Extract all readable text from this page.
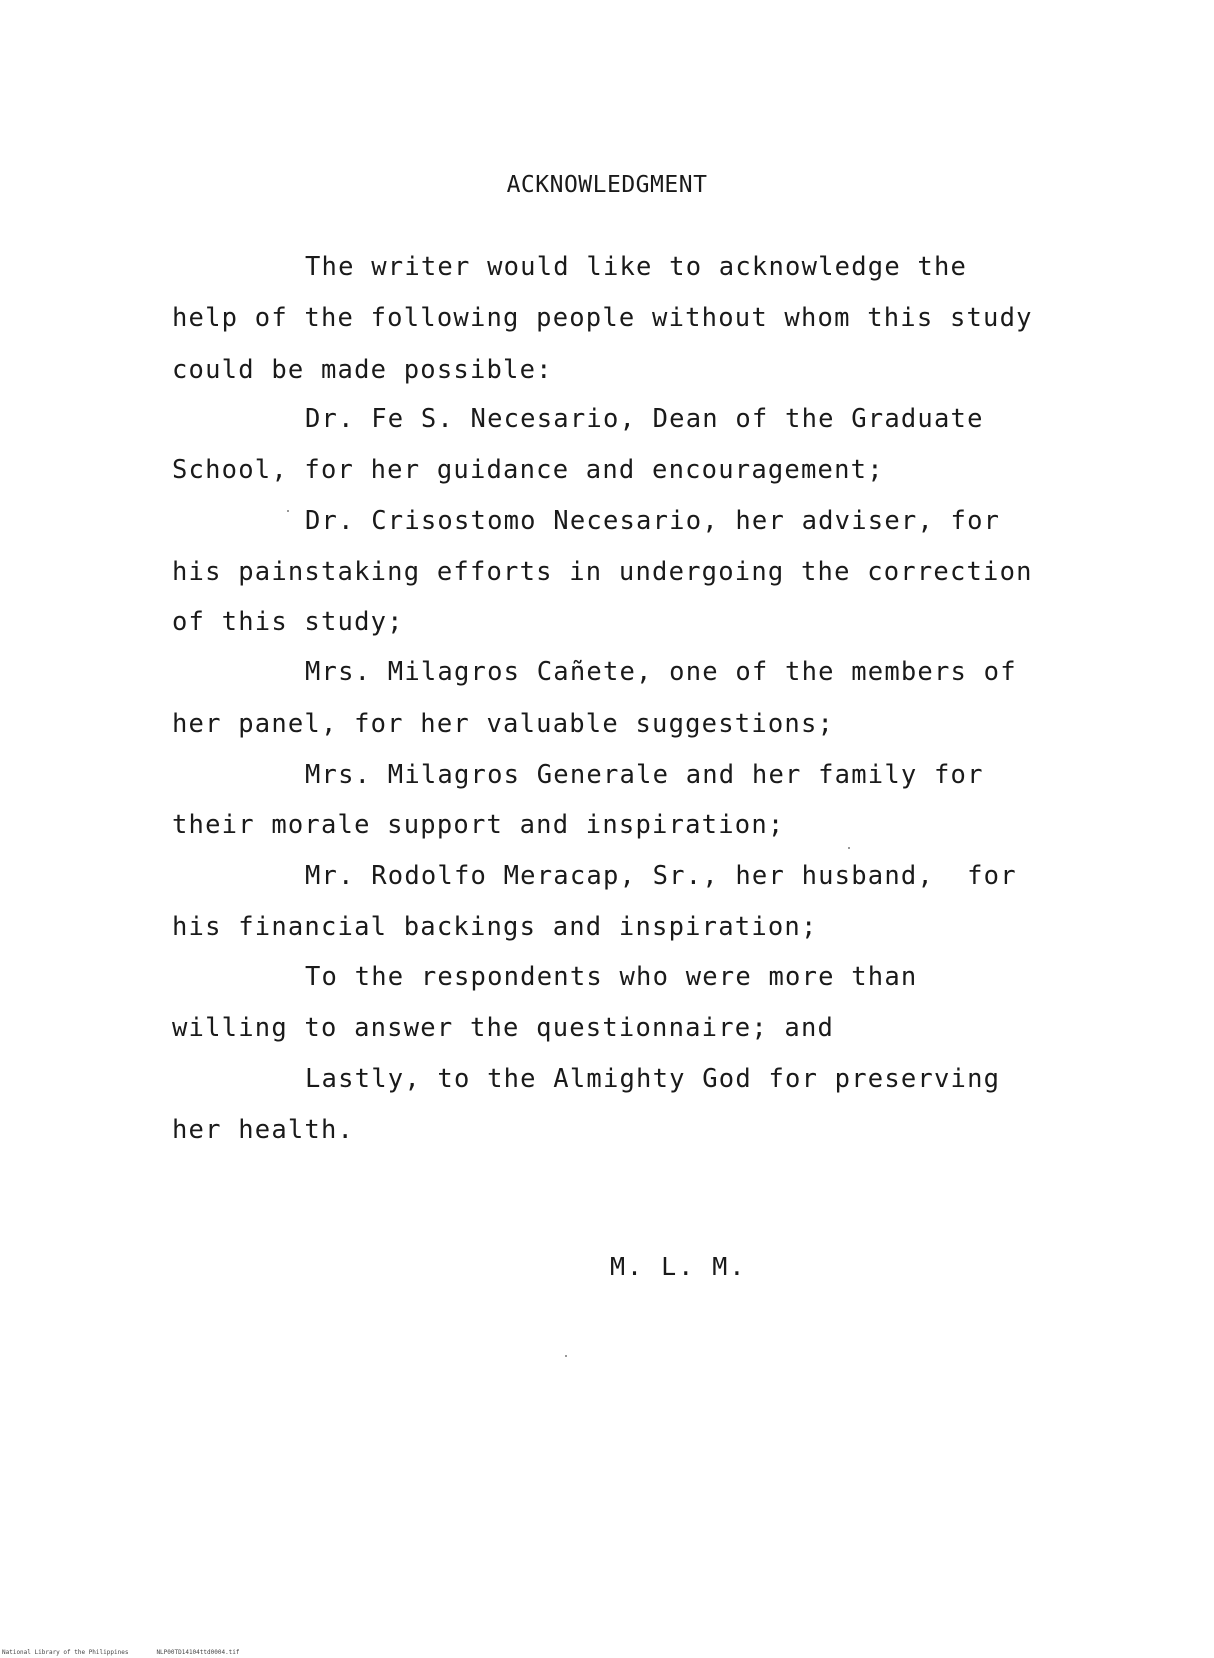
ACKNOWLEDGMENT
The writer would like to acknowledge the
help of the following people without whom this study
could be made possible:
Dr. Fe S. Necesario, Dean of the Graduate
School, for her guidance and encouragement;
Dr. Crisostomo Necesario, her adviser, for
his painstaking efforts in undergoing the correction
of this study;
Mrs. Milagros Cañete, one of the members of
her panel, for her valuable suggestions;
Mrs. Milagros Generale and her family for
their morale support and inspiration;
Mr. Rodolfo Meracap, Sr., her husband,  for
his financial backings and inspiration;
To the respondents who were more than
willing to answer the questionnaire; and
Lastly, to the Almighty God for preserving
her health.
M. L. M.
National Library of the Philippines	NLP00TD14104ttd0004.tif
